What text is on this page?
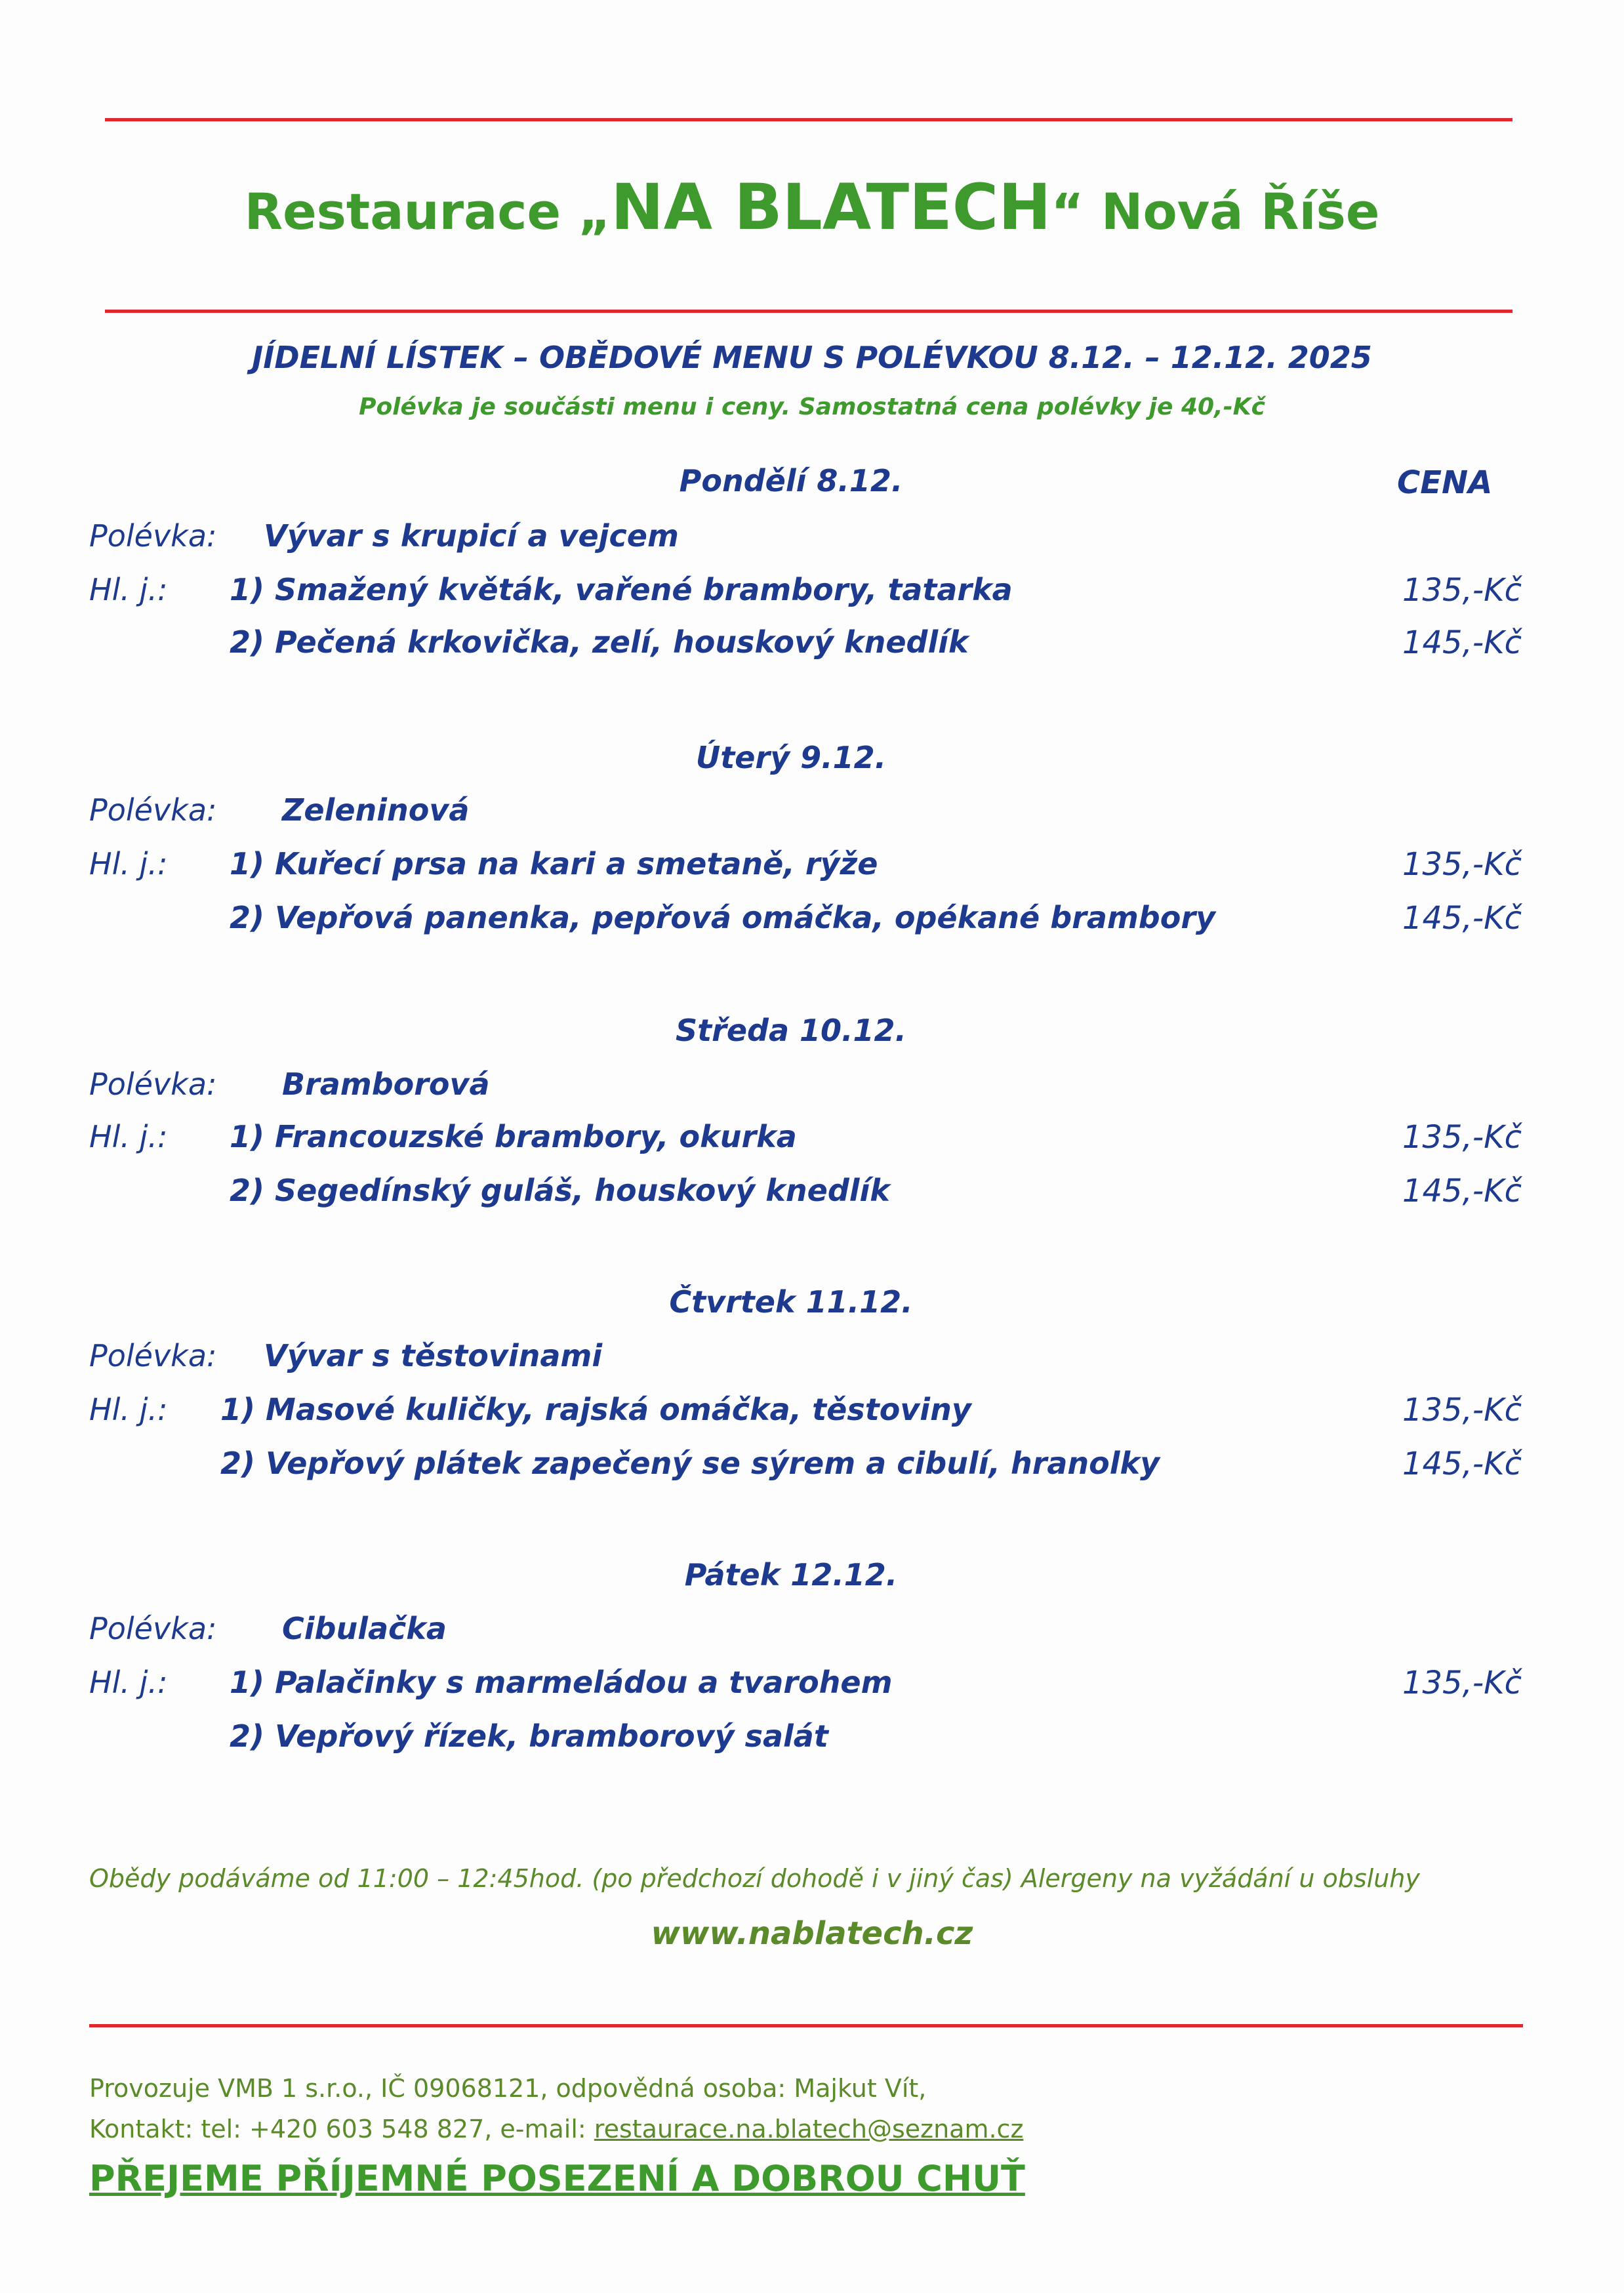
Restaurace „NA BLATECH“ Nová Říše
JÍDELNÍ LÍSTEK – OBĚDOVÉ MENU S POLÉVKOU 8.12. – 12.12. 2025
Polévka je součásti menu i ceny. Samostatná cena polévky je 40,-Kč
CENA
Pondělí 8.12.
Polévka: Vývar s krupicí a vejcem
Hl. j.: 1) Smažený květák, vařené brambory, tatarka	135,-Kč
2) Pečená krkovička, zelí, houskový knedlík	145,-Kč
Úterý 9.12.
Polévka: Zeleninová
Hl. j.: 1) Kuřecí prsa na kari a smetaně, rýže	135,-Kč
2) Vepřová panenka, pepřová omáčka, opékané brambory	145,-Kč
Středa 10.12.
Polévka: Bramborová
Hl. j.: 1) Francouzské brambory, okurka	135,-Kč
2) Segedínský guláš, houskový knedlík	145,-Kč
Čtvrtek 11.12.
Polévka: Vývar s těstovinami
Hl. j.: 1) Masové kuličky, rajská omáčka, těstoviny	135,-Kč
2) Vepřový plátek zapečený se sýrem a cibulí, hranolky	145,-Kč
Pátek 12.12.
Polévka: Cibulačka
Hl. j.: 1) Palačinky s marmeládou a tvarohem	135,-Kč
2) Vepřový řízek, bramborový salát
Obědy podáváme od 11:00 – 12:45hod. (po předchozí dohodě i v jiný čas) Alergeny na vyžádání u obsluhy
www.nablatech.cz
Provozuje VMB 1 s.r.o., IČ 09068121, odpovědná osoba: Majkut Vít,
Kontakt: tel: +420 603 548 827, e-mail: restaurace.na.blatech@seznam.cz
PŘEJEME PŘÍJEMNÉ POSEZENÍ A DOBROU CHUŤ
